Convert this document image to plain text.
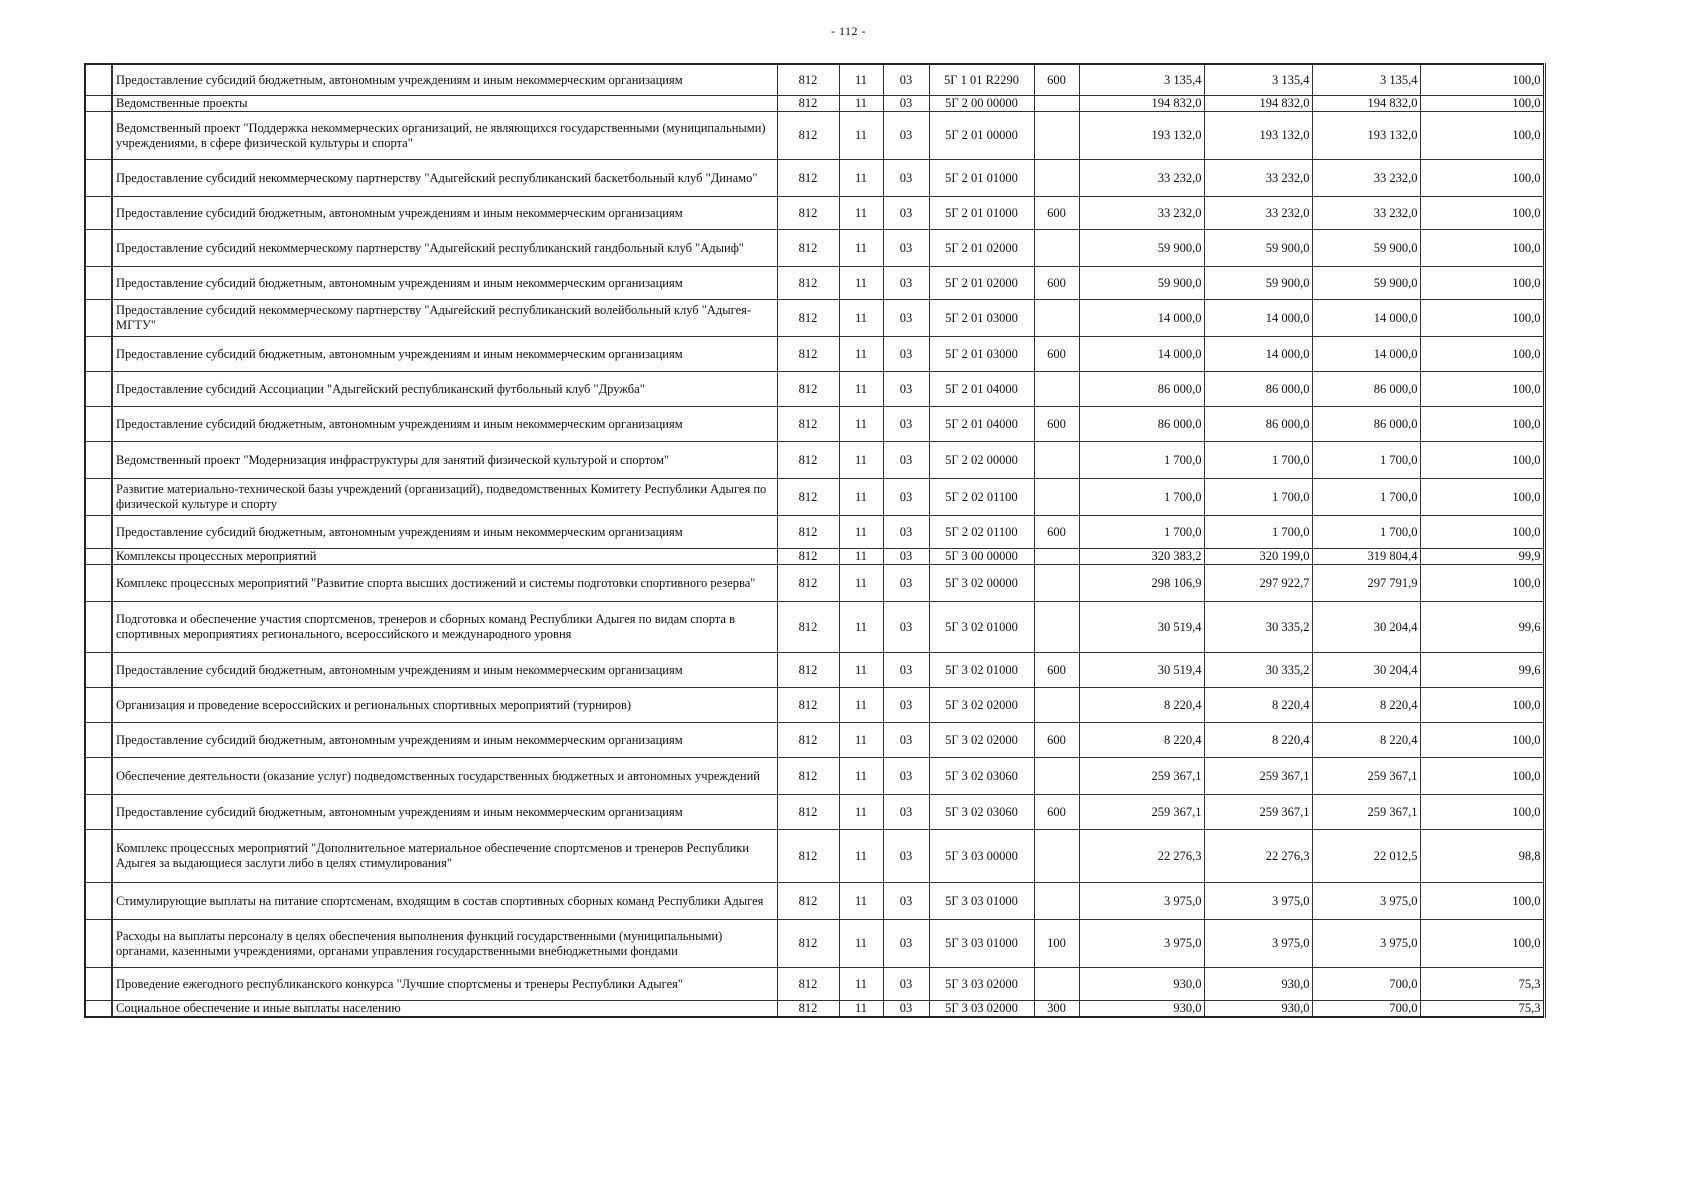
- 112 -
	Предоставление субсидий бюджетным, автономным учреждениям и иным некоммерческим организациям	812	11	03	5Г 1 01 R2290	600	3 135,4	3 135,4	3 135,4	100,0
	Ведомственные проекты	812	11	03	5Г 2 00 00000		194 832,0	194 832,0	194 832,0	100,0
	Ведомственный проект "Поддержка некоммерческих организаций, не являющихся государственными (муниципальными) учреждениями, в сфере физической культуры и спорта"	812	11	03	5Г 2 01 00000		193 132,0	193 132,0	193 132,0	100,0
	Предоставление субсидий некоммерческому партнерству "Адыгейский республиканский баскетбольный клуб "Динамо"	812	11	03	5Г 2 01 01000		33 232,0	33 232,0	33 232,0	100,0
	Предоставление субсидий бюджетным, автономным учреждениям и иным некоммерческим организациям	812	11	03	5Г 2 01 01000	600	33 232,0	33 232,0	33 232,0	100,0
	Предоставление субсидий некоммерческому партнерству "Адыгейский республиканский гандбольный клуб "Адыиф"	812	11	03	5Г 2 01 02000		59 900,0	59 900,0	59 900,0	100,0
	Предоставление субсидий бюджетным, автономным учреждениям и иным некоммерческим организациям	812	11	03	5Г 2 01 02000	600	59 900,0	59 900,0	59 900,0	100,0
	Предоставление субсидий некоммерческому партнерству "Адыгейский республиканский волейбольный клуб "Адыгея-МГТУ"	812	11	03	5Г 2 01 03000		14 000,0	14 000,0	14 000,0	100,0
	Предоставление субсидий бюджетным, автономным учреждениям и иным некоммерческим организациям	812	11	03	5Г 2 01 03000	600	14 000,0	14 000,0	14 000,0	100,0
	Предоставление субсидий Ассоциации "Адыгейский республиканский футбольный клуб "Дружба"	812	11	03	5Г 2 01 04000		86 000,0	86 000,0	86 000,0	100,0
	Предоставление субсидий бюджетным, автономным учреждениям и иным некоммерческим организациям	812	11	03	5Г 2 01 04000	600	86 000,0	86 000,0	86 000,0	100,0
	Ведомственный проект "Модернизация инфраструктуры для занятий физической культурой и спортом"	812	11	03	5Г 2 02 00000		1 700,0	1 700,0	1 700,0	100,0
	Развитие материально-технической базы учреждений (организаций), подведомственных Комитету Республики Адыгея по физической культуре и спорту	812	11	03	5Г 2 02 01100		1 700,0	1 700,0	1 700,0	100,0
	Предоставление субсидий бюджетным, автономным учреждениям и иным некоммерческим организациям	812	11	03	5Г 2 02 01100	600	1 700,0	1 700,0	1 700,0	100,0
	Комплексы процессных мероприятий	812	11	03	5Г 3 00 00000		320 383,2	320 199,0	319 804,4	99,9
	Комплекс процессных мероприятий "Развитие спорта высших достижений и системы подготовки спортивного резерва"	812	11	03	5Г 3 02 00000		298 106,9	297 922,7	297 791,9	100,0
	Подготовка и обеспечение участия спортсменов, тренеров и сборных команд Республики Адыгея по видам спорта в спортивных мероприятиях регионального, всероссийского и международного уровня	812	11	03	5Г 3 02 01000		30 519,4	30 335,2	30 204,4	99,6
	Предоставление субсидий бюджетным, автономным учреждениям и иным некоммерческим организациям	812	11	03	5Г 3 02 01000	600	30 519,4	30 335,2	30 204,4	99,6
	Организация и проведение всероссийских и региональных спортивных мероприятий (турниров)	812	11	03	5Г 3 02 02000		8 220,4	8 220,4	8 220,4	100,0
	Предоставление субсидий бюджетным, автономным учреждениям и иным некоммерческим организациям	812	11	03	5Г 3 02 02000	600	8 220,4	8 220,4	8 220,4	100,0
	Обеспечение деятельности (оказание услуг) подведомственных государственных бюджетных и автономных учреждений	812	11	03	5Г 3 02 03060		259 367,1	259 367,1	259 367,1	100,0
	Предоставление субсидий бюджетным, автономным учреждениям и иным некоммерческим организациям	812	11	03	5Г 3 02 03060	600	259 367,1	259 367,1	259 367,1	100,0
	Комплекс процессных мероприятий "Дополнительное материальное обеспечение спортсменов и тренеров Республики Адыгея за выдающиеся заслуги либо в целях стимулирования"	812	11	03	5Г 3 03 00000		22 276,3	22 276,3	22 012,5	98,8
	Стимулирующие выплаты на питание спортсменам, входящим в состав спортивных сборных команд Республики Адыгея	812	11	03	5Г 3 03 01000		3 975,0	3 975,0	3 975,0	100,0
	Расходы на выплаты персоналу в целях обеспечения выполнения функций государственными (муниципальными) органами, казенными учреждениями, органами управления государственными внебюджетными фондами	812	11	03	5Г 3 03 01000	100	3 975,0	3 975,0	3 975,0	100,0
	Проведение ежегодного республиканского конкурса "Лучшие спортсмены и тренеры Республики Адыгея"	812	11	03	5Г 3 03 02000		930,0	930,0	700,0	75,3
	Социальное обеспечение и иные выплаты населению	812	11	03	5Г 3 03 02000	300	930,0	930,0	700,0	75,3
